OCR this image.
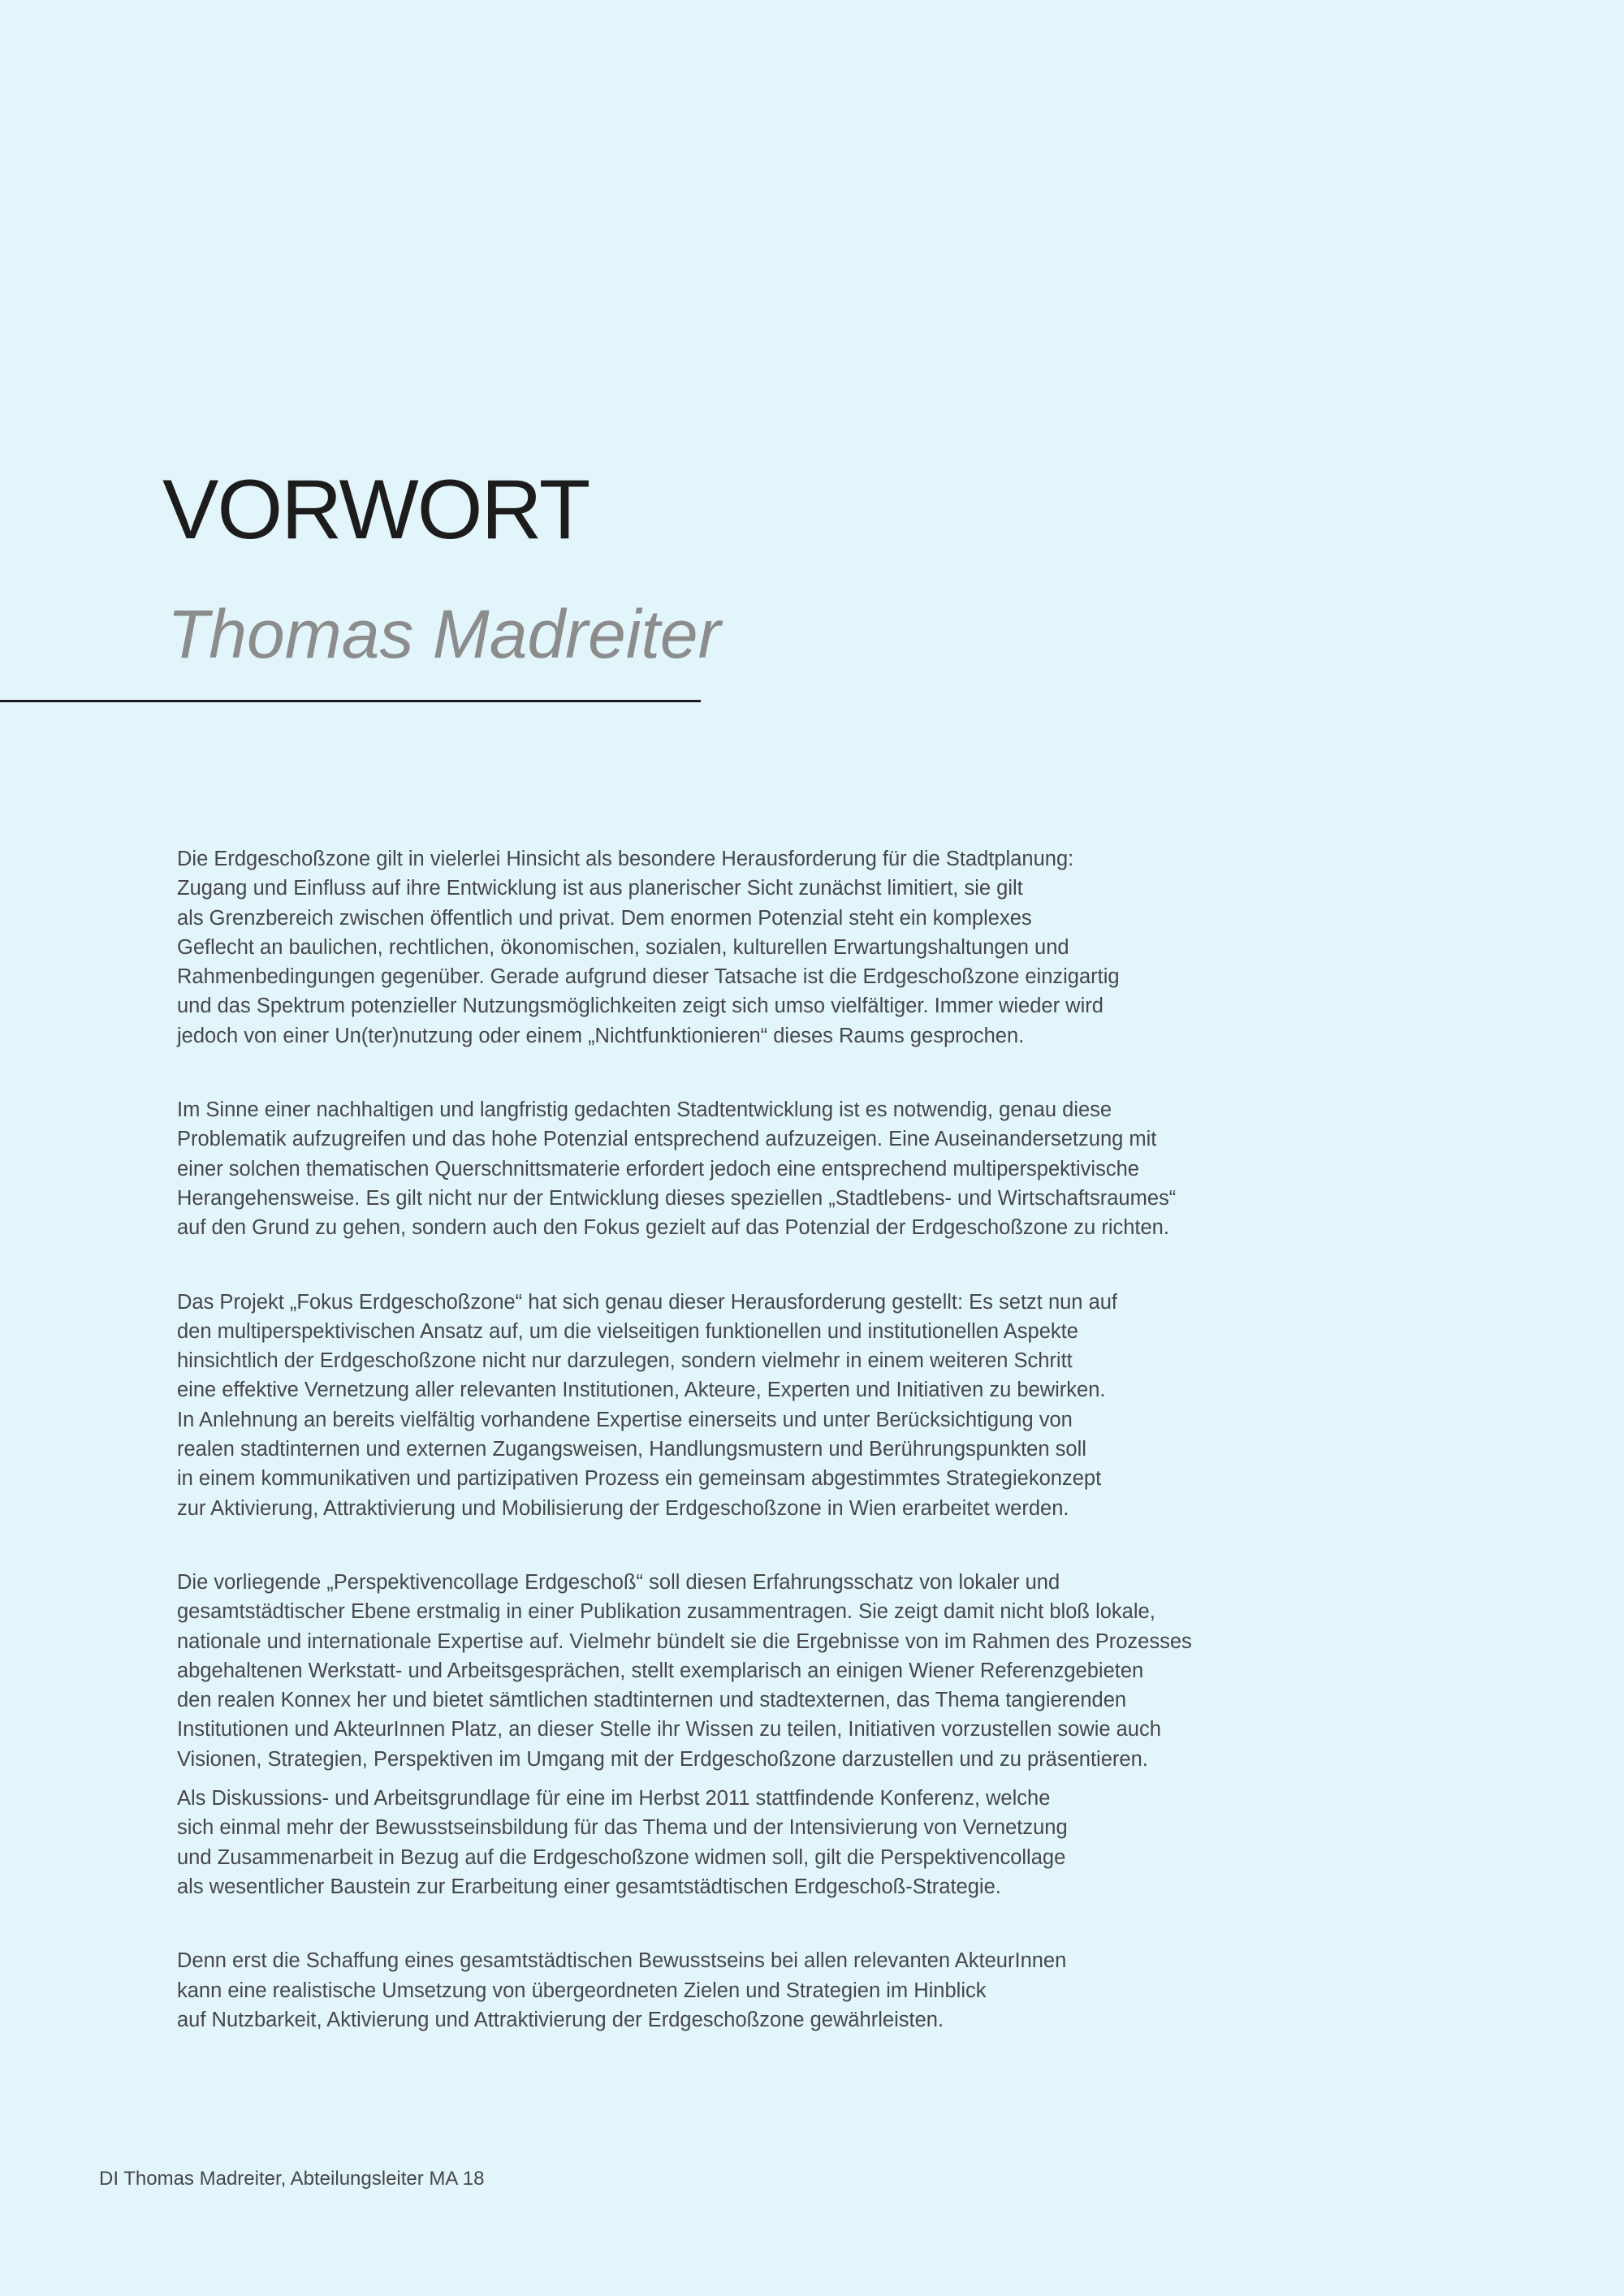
VORWORT
Thomas Madreiter

Die Erdgeschoßzone gilt in vielerlei Hinsicht als besondere Herausforderung für die Stadtplanung:
Zugang und Einfluss auf ihre Entwicklung ist aus planerischer Sicht zunächst limitiert, sie gilt
als Grenzbereich zwischen öffentlich und privat. Dem enormen Potenzial steht ein komplexes
Geflecht an baulichen, rechtlichen, ökonomischen, sozialen, kulturellen Erwartungshaltungen und
Rahmenbedingungen gegenüber. Gerade aufgrund dieser Tatsache ist die Erdgeschoßzone einzigartig
und das Spektrum potenzieller Nutzungsmöglichkeiten zeigt sich umso vielfältiger. Immer wieder wird
jedoch von einer Un(ter)nutzung oder einem „Nichtfunktionieren“ dieses Raums gesprochen.

Im Sinne einer nachhaltigen und langfristig gedachten Stadtentwicklung ist es notwendig, genau diese
Problematik aufzugreifen und das hohe Potenzial entsprechend aufzuzeigen. Eine Auseinandersetzung mit
einer solchen thematischen Querschnittsmaterie erfordert jedoch eine entsprechend multiperspektivische
Herangehensweise. Es gilt nicht nur der Entwicklung dieses speziellen „Stadtlebens- und Wirtschaftsraumes“
auf den Grund zu gehen, sondern auch den Fokus gezielt auf das Potenzial der Erdgeschoßzone zu richten.

Das Projekt „Fokus Erdgeschoßzone“ hat sich genau dieser Herausforderung gestellt: Es setzt nun auf
den multiperspektivischen Ansatz auf, um die vielseitigen funktionellen und institutionellen Aspekte
hinsichtlich der Erdgeschoßzone nicht nur darzulegen, sondern vielmehr in einem weiteren Schritt
eine effektive Vernetzung aller relevanten Institutionen, Akteure, Experten und Initiativen zu bewirken.
In Anlehnung an bereits vielfältig vorhandene Expertise einerseits und unter Berücksichtigung von
realen stadtinternen und externen Zugangsweisen, Handlungsmustern und Berührungspunkten soll
in einem kommunikativen und partizipativen Prozess ein gemeinsam abgestimmtes Strategiekonzept
zur Aktivierung, Attraktivierung und Mobilisierung der Erdgeschoßzone in Wien erarbeitet werden.

Die vorliegende „Perspektivencollage Erdgeschoß“ soll diesen Erfahrungsschatz von lokaler und
gesamtstädtischer Ebene erstmalig in einer Publikation zusammentragen. Sie zeigt damit nicht bloß lokale,
nationale und internationale Expertise auf. Vielmehr bündelt sie die Ergebnisse von im Rahmen des Prozesses
abgehaltenen Werkstatt- und Arbeitsgesprächen, stellt exemplarisch an einigen Wiener Referenzgebieten
den realen Konnex her und bietet sämtlichen stadtinternen und stadtexternen, das Thema tangierenden
Institutionen und AkteurInnen Platz, an dieser Stelle ihr Wissen zu teilen, Initiativen vorzustellen sowie auch
Visionen, Strategien, Perspektiven im Umgang mit der Erdgeschoßzone darzustellen und zu präsentieren.

Als Diskussions- und Arbeitsgrundlage für eine im Herbst 2011 stattfindende Konferenz, welche
sich einmal mehr der Bewusstseinsbildung für das Thema und der Intensivierung von Vernetzung
und Zusammenarbeit in Bezug auf die Erdgeschoßzone widmen soll, gilt die Perspektivencollage
als wesentlicher Baustein zur Erarbeitung einer gesamtstädtischen Erdgeschoß-Strategie.

Denn erst die Schaffung eines gesamtstädtischen Bewusstseins bei allen relevanten AkteurInnen
kann eine realistische Umsetzung von übergeordneten Zielen und Strategien im Hinblick
auf Nutzbarkeit, Aktivierung und Attraktivierung der Erdgeschoßzone gewährleisten.

DI Thomas Madreiter, Abteilungsleiter MA 18
